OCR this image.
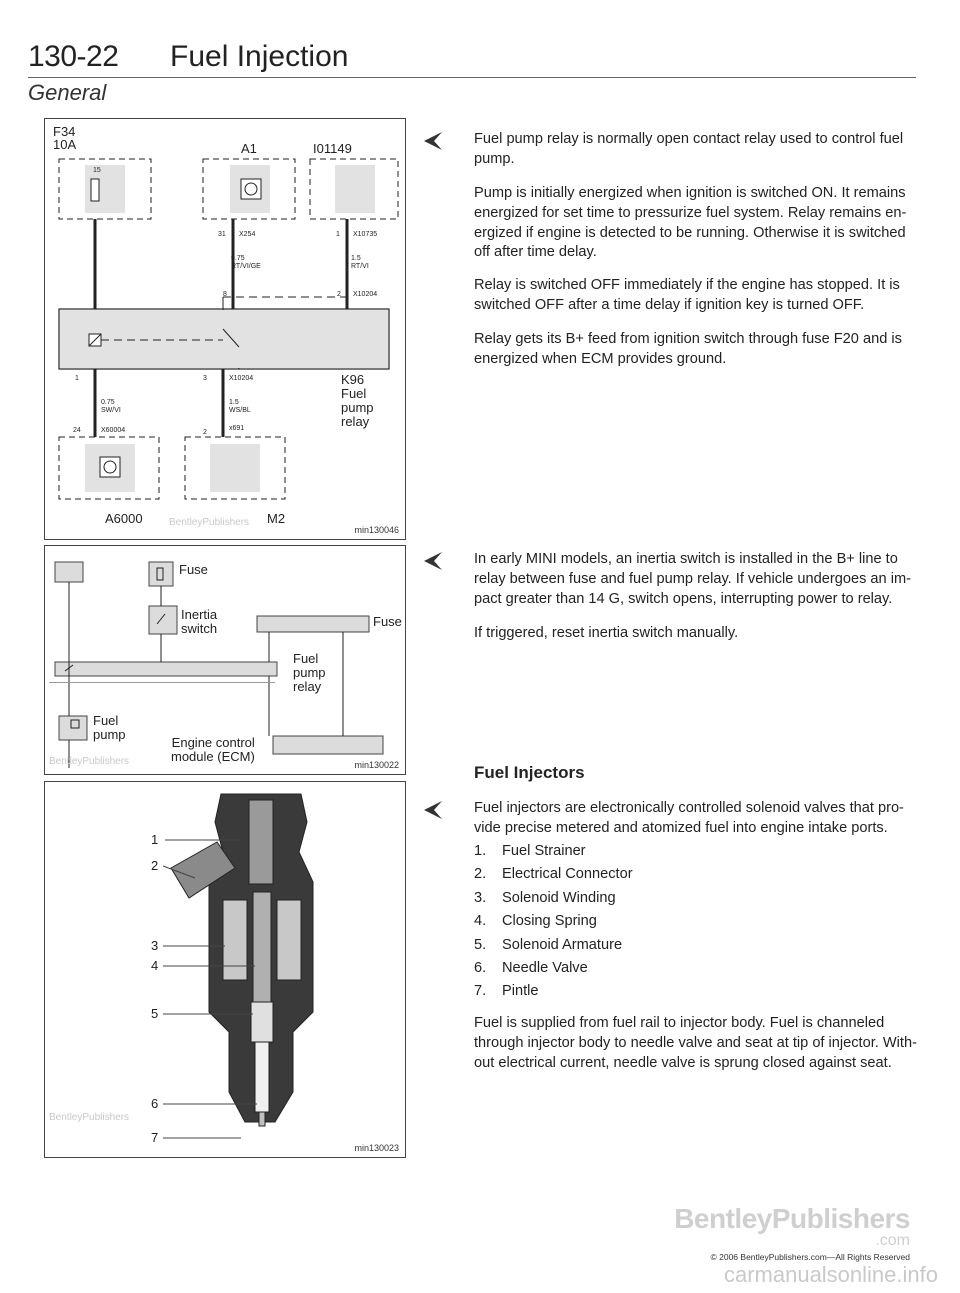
130-22 Fuel Injection
General
F34
10A
15
A1	I01149
31 X254	1 X10735
0.75
RT/VI/GE
1.5
RT/VI
8	2 X10204
1	3	X10204
0.75
SW/VI
1.5
WS/BL
24	X60004	2
x691
K96
Fuel
pump
relay
A6000	BentleyPublishers M2
min130046
Fuse
Inertia
switch	Fuse
Fuel
pump
relay
Fuel
pump
Engine control
module (ECM)
BentleyPublishers	min130022
1
2
3
4
5
6
7
BentleyPublishers
min130023

Fuel pump relay is normally open contact relay used to control fuel
pump.

Pump is initially energized when ignition is switched ON. It remains
energized for set time to pressurize fuel system. Relay remains en-
ergized if engine is detected to be running. Otherwise it is switched
off after time delay.

Relay is switched OFF immediately if the engine has stopped. It is
switched OFF after a time delay if ignition key is turned OFF.

Relay gets its B+ feed from ignition switch through fuse F20 and is
energized when ECM provides ground.

In early MINI models, an inertia switch is installed in the B+ line to
relay between fuse and fuel pump relay. If vehicle undergoes an im-
pact greater than 14 G, switch opens, interrupting power to relay.

If triggered, reset inertia switch manually.

Fuel Injectors

Fuel injectors are electronically controlled solenoid valves that pro-
vide precise metered and atomized fuel into engine intake ports.

1. Fuel Strainer
2. Electrical Connector
3. Solenoid Winding
4. Closing Spring
5. Solenoid Armature
6. Needle Valve
7. Pintle

Fuel is supplied from fuel rail to injector body. Fuel is channeled
through injector body to needle valve and seat at tip of injector. With-
out electrical current, needle valve is sprung closed against seat.

BentleyPublishers
.com
© 2006 BentleyPublishers.com—All Rights Reserved
carmanualsonline.info
